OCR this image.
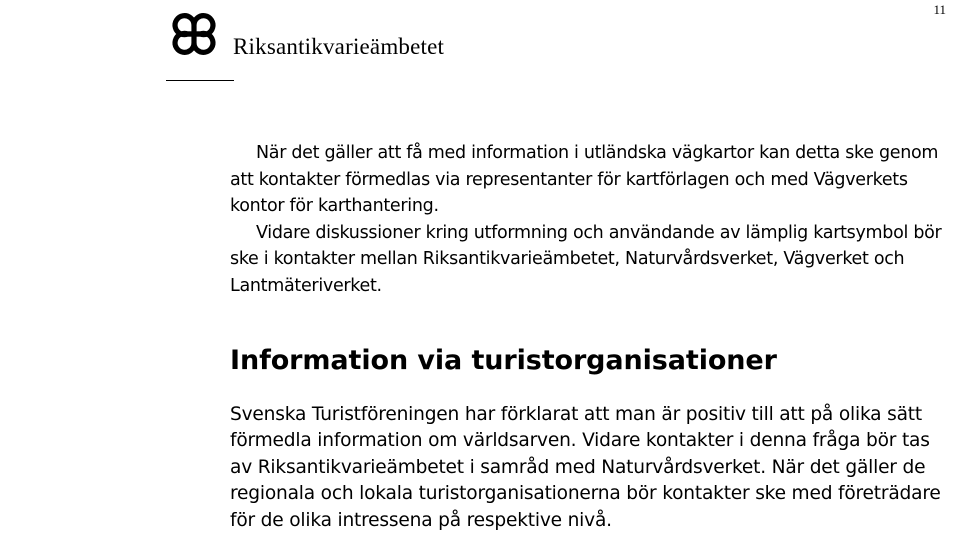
11
Riksantikvarieämbetet

När det gäller att få med information i utländska vägkartor kan detta ske genom att kontakter förmedlas via representanter för kartförlagen och med Vägverkets kontor för karthantering.

Vidare diskussioner kring utformning och användande av lämplig kartsymbol bör ske i kontakter mellan Riksantikvarieämbetet, Naturvårdsverket, Vägverket och Lantmäteriverket.

Information via turistorganisationer

Svenska Turistföreningen har förklarat att man är positiv till att på olika sätt förmedla information om världsarven. Vidare kontakter i denna fråga bör tas av Riksantikvarieämbetet i samråd med Naturvårdsverket. När det gäller de regionala och lokala turistorganisationerna bör kontakter ske med företrädare för de olika intressena på respektive nivå.
